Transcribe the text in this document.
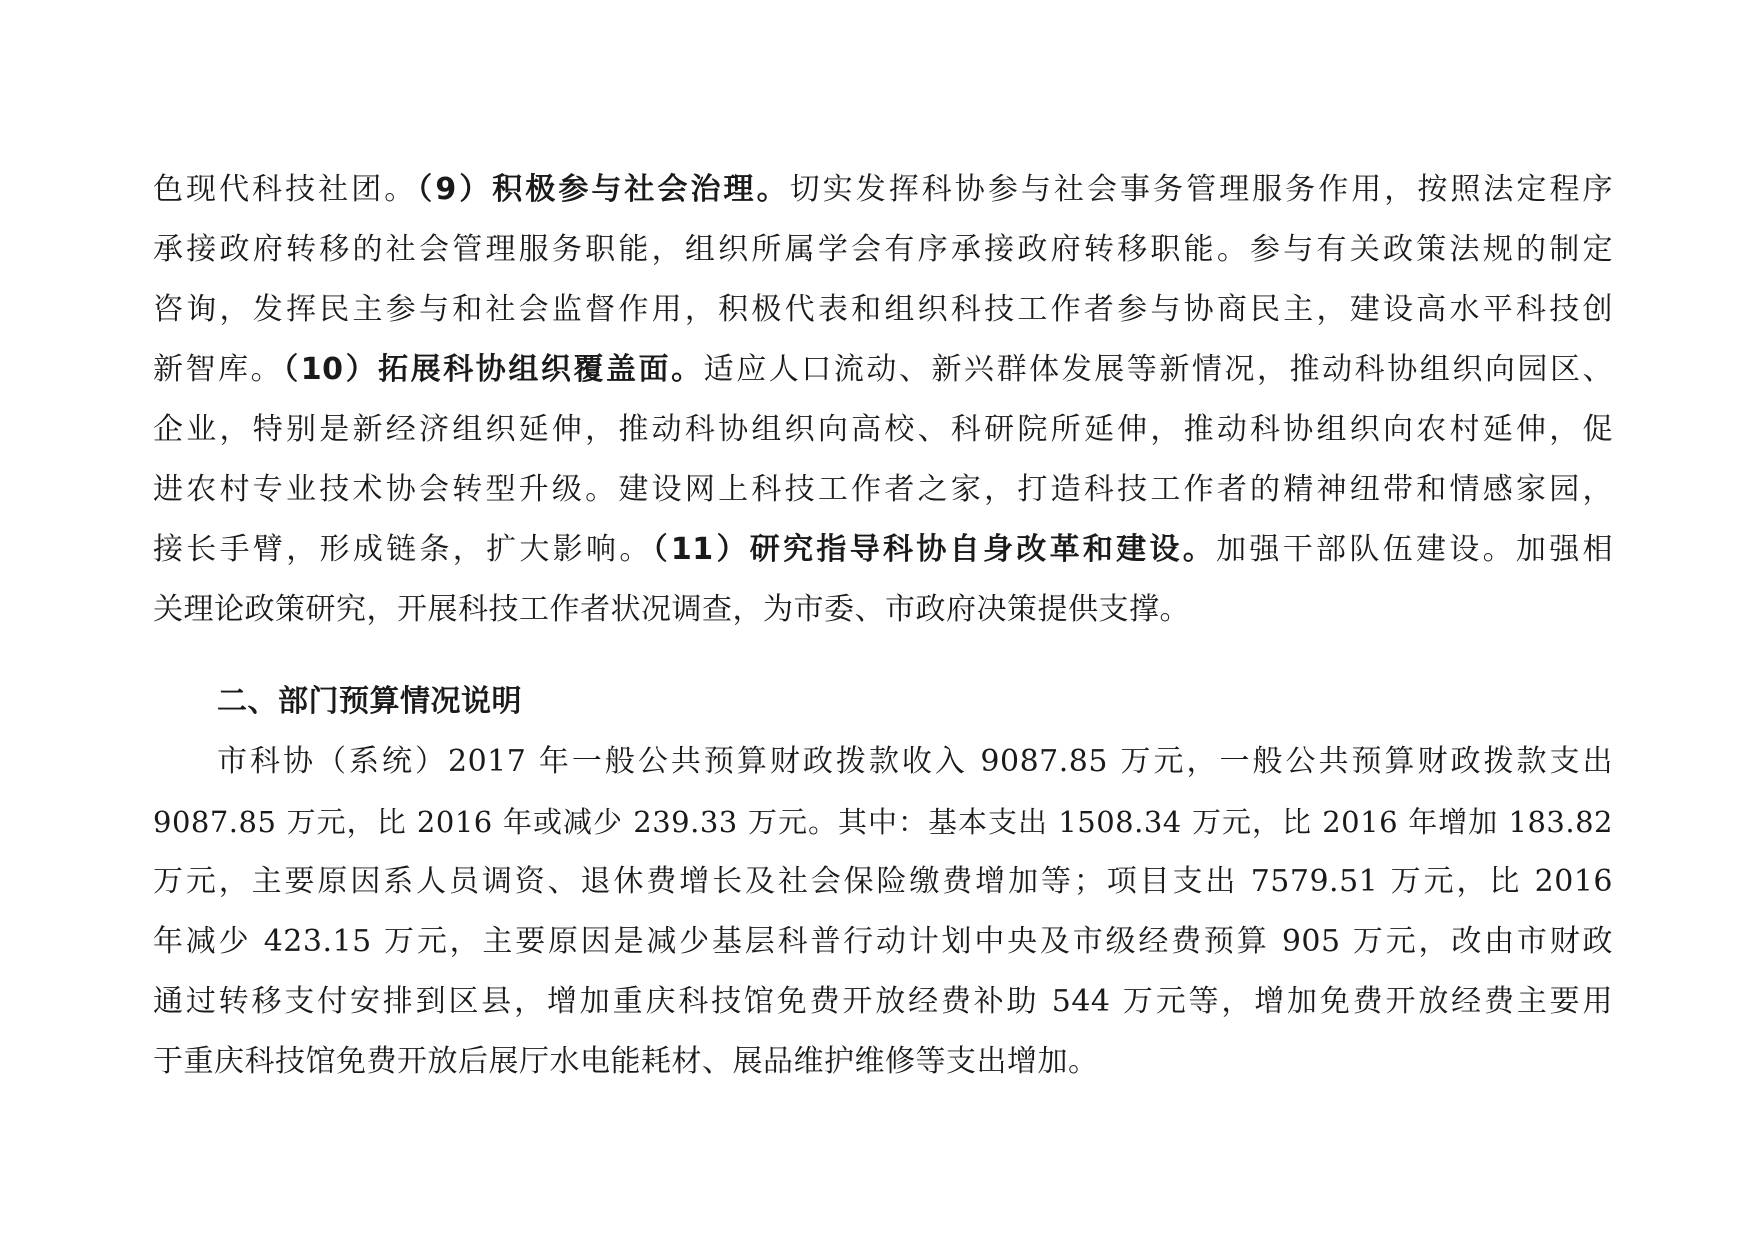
色现代科技社团。（9）积极参与社会治理。切实发挥科协参与社会事务管理服务作用，按照法定程序
承接政府转移的社会管理服务职能，组织所属学会有序承接政府转移职能。参与有关政策法规的制定
咨询，发挥民主参与和社会监督作用，积极代表和组织科技工作者参与协商民主，建设高水平科技创
新智库。（10）拓展科协组织覆盖面。适应人口流动、新兴群体发展等新情况，推动科协组织向园区、
企业，特别是新经济组织延伸，推动科协组织向高校、科研院所延伸，推动科协组织向农村延伸，促
进农村专业技术协会转型升级。建设网上科技工作者之家，打造科技工作者的精神纽带和情感家园，
接长手臂，形成链条，扩大影响。（11）研究指导科协自身改革和建设。加强干部队伍建设。加强相
关理论政策研究，开展科技工作者状况调查，为市委、市政府决策提供支撑。
二、部门预算情况说明
市科协（系统）2017 年一般公共预算财政拨款收入 9087.85 万元，一般公共预算财政拨款支出
9087.85 万元，比 2016 年或减少 239.33 万元。其中：基本支出 1508.34 万元，比 2016 年增加 183.82
万元，主要原因系人员调资、退休费增长及社会保险缴费增加等；项目支出 7579.51 万元，比 2016
年减少 423.15 万元，主要原因是减少基层科普行动计划中央及市级经费预算 905 万元，改由市财政
通过转移支付安排到区县，增加重庆科技馆免费开放经费补助 544 万元等，增加免费开放经费主要用
于重庆科技馆免费开放后展厅水电能耗材、展品维护维修等支出增加。
